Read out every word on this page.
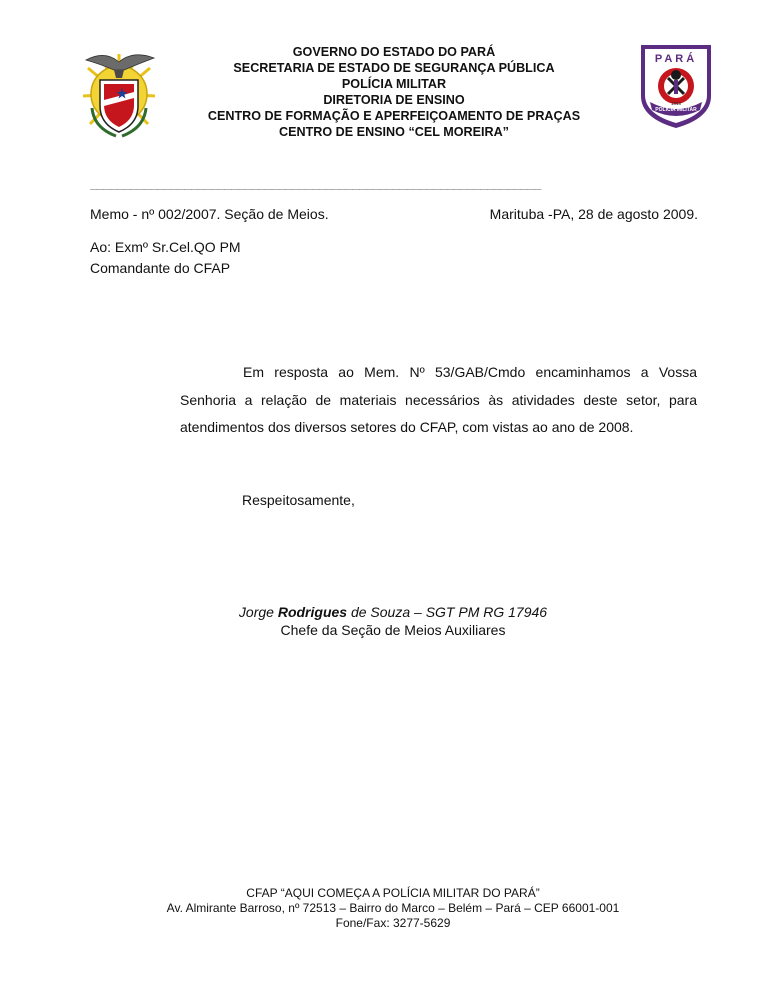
GOVERNO DO ESTADO DO PARÁ
SECRETARIA DE ESTADO DE SEGURANÇA PÚBLICA
POLÍCIA MILITAR
DIRETORIA DE ENSINO
CENTRO DE FORMAÇÃO E APERFEIÇOAMENTO DE PRAÇAS
CENTRO DE ENSINO “CEL MOREIRA”
PARÁ
POLÍCIA MILITAR
1818
___________________________________________________________________
Memo - nº 002/2007. Seção de Meios.	Marituba -PA, 28 de agosto 2009.
Ao: Exmº Sr.Cel.QO PM
Comandante do CFAP
Em resposta ao Mem. Nº 53/GAB/Cmdo encaminhamos a Vossa Senhoria a relação de materiais necessários às atividades deste setor, para atendimentos dos diversos setores do CFAP, com vistas ao ano de 2008.
Respeitosamente,
Jorge Rodrigues de Souza – SGT PM RG 17946
Chefe da Seção de Meios Auxiliares
CFAP “AQUI COMEÇA A POLÍCIA MILITAR DO PARÁ”
Av. Almirante Barroso, nº 72513 – Bairro do Marco – Belém – Pará – CEP 66001-001
Fone/Fax: 3277-5629
